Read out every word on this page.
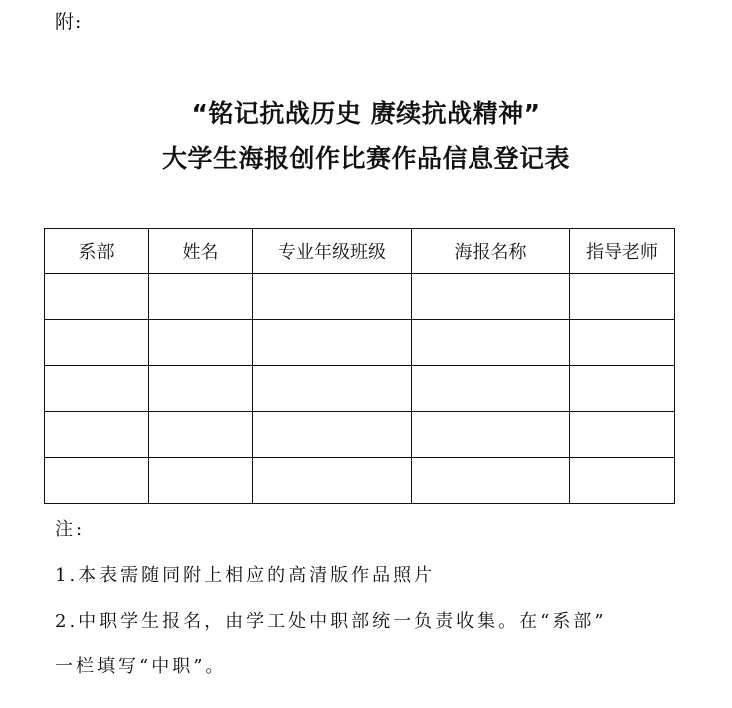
附:
“铭记抗战历史 赓续抗战精神”
大学生海报创作比赛作品信息登记表
系部	姓名	专业年级班级	海报名称	指导老师

注:
1.本表需随同附上相应的高清版作品照片
2.中职学生报名，由学工处中职部统一负责收集。在“系部”
一栏填写“中职”。
